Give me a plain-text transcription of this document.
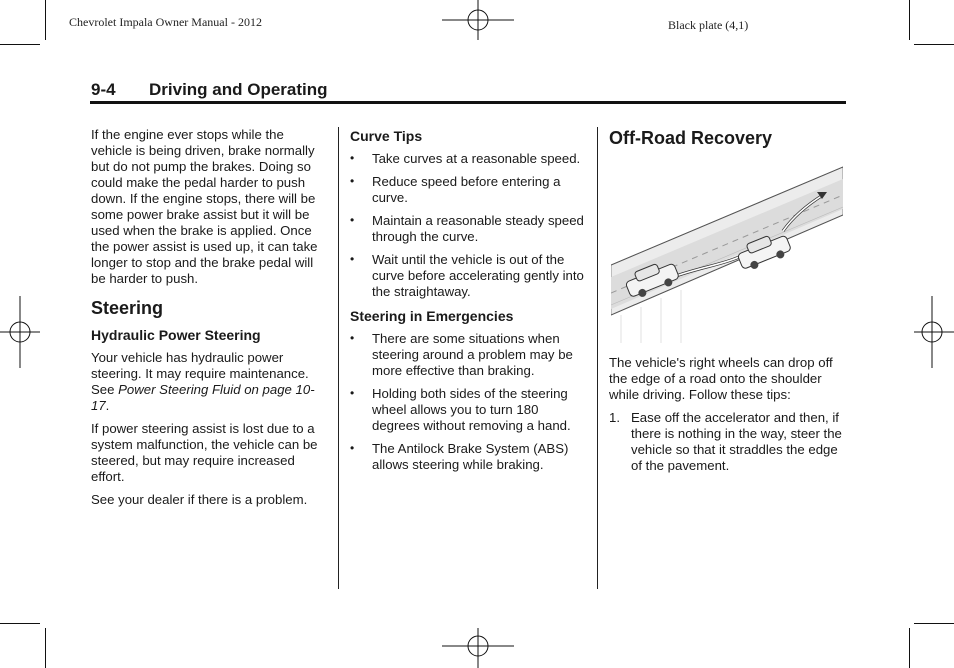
Chevrolet Impala Owner Manual - 2012	Black plate (4,1)
9-4 Driving and Operating

If the engine ever stops while the vehicle is being driven, brake normally but do not pump the brakes. Doing so could make the pedal harder to push down. If the engine stops, there will be some power brake assist but it will be used when the brake is applied. Once the power assist is used up, it can take longer to stop and the brake pedal will be harder to push.

Steering
Hydraulic Power Steering

Your vehicle has hydraulic power steering. It may require maintenance. See Power Steering Fluid on page 10-17.

If power steering assist is lost due to a system malfunction, the vehicle can be steered, but may require increased effort.

See your dealer if there is a problem.

Curve Tips
• Take curves at a reasonable speed.
• Reduce speed before entering a curve.
• Maintain a reasonable steady speed through the curve.
• Wait until the vehicle is out of the curve before accelerating gently into the straightaway.
Steering in Emergencies
• There are some situations when steering around a problem may be more effective than braking.
• Holding both sides of the steering wheel allows you to turn 180 degrees without removing a hand.
• The Antilock Brake System (ABS) allows steering while braking.
Off-Road Recovery

The vehicle's right wheels can drop off the edge of a road onto the shoulder while driving. Follow these tips:

1. Ease off the accelerator and then, if there is nothing in the way, steer the vehicle so that it straddles the edge of the pavement.
